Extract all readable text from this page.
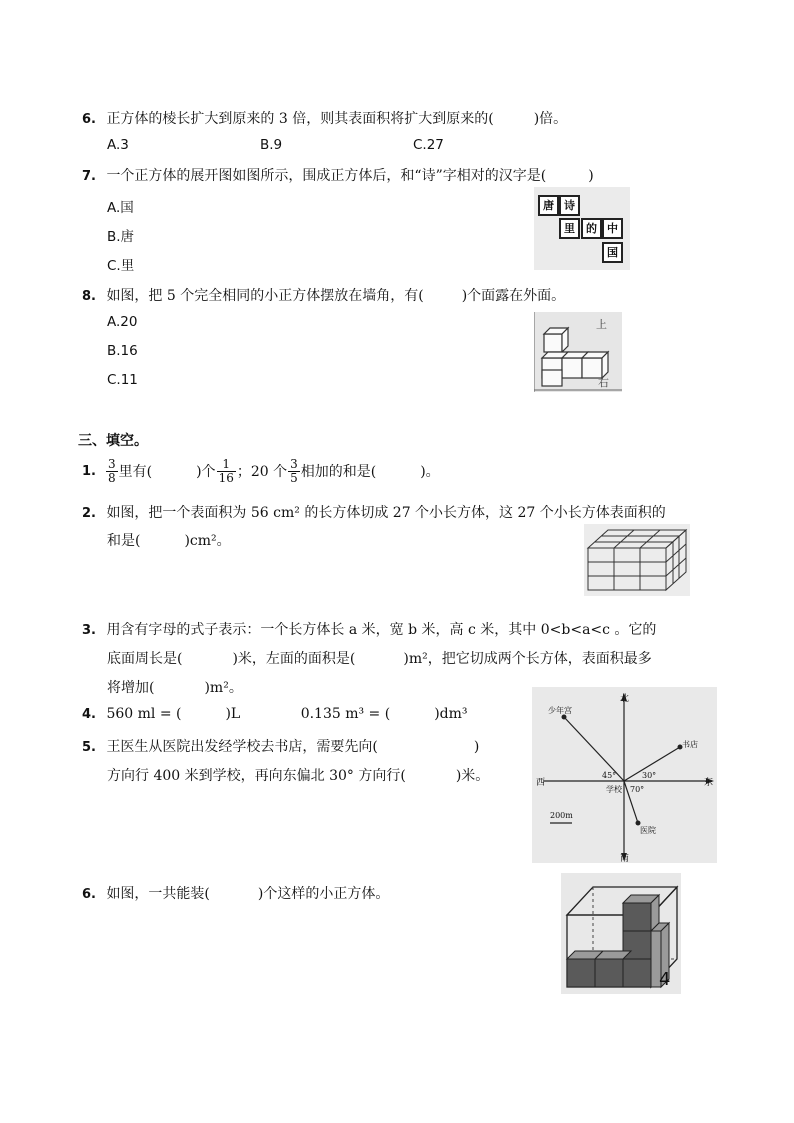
6. 正方体的棱长扩大到原来的 3 倍，则其表面积将扩大到原来的(	)倍。
A.3	B.9	C.27
7. 一个正方体的展开图如图所示，围成正方体后，和“诗”字相对的汉字是(	)
A.国
B.唐
C.里
唐 诗
里	的 中
国
8. 如图，把 5 个完全相同的小正方体摆放在墙角，有(	)个面露在外面。
A.20
B.16
C.11
上
右
三、填空。
1. $\frac{3}{8}$ 里有(	)个 $\frac{1}{16}$ ；20 个 $\frac{3}{5}$ 相加的和是(	)。
2. 如图，把一个表面积为 56 cm² 的长方体切成 27 个小长方体，这 27 个小长方体表面积的
和是(	)cm²。
3. 用含有字母的式子表示：一个长方体长 a 米，宽 b 米，高 c 米，其中 0<b<a<c 。它的
底面周长是(	)米，左面的面积是(	)m²，把它切成两个长方体，表面积最多
将增加(	)m²。
4. 560 ml = (	)L	0.135 m³ = (	)dm³
5. 王医生从医院出发经学校去书店，需要先向(	)
方向行 400 米到学校，再向东偏北 30° 方向行(	)米。
北
南
西	东
少年宫
书店
学校
医院
45°	30°
70°
200m
6. 如图，一共能装(	)个这样的小正方体。
4
